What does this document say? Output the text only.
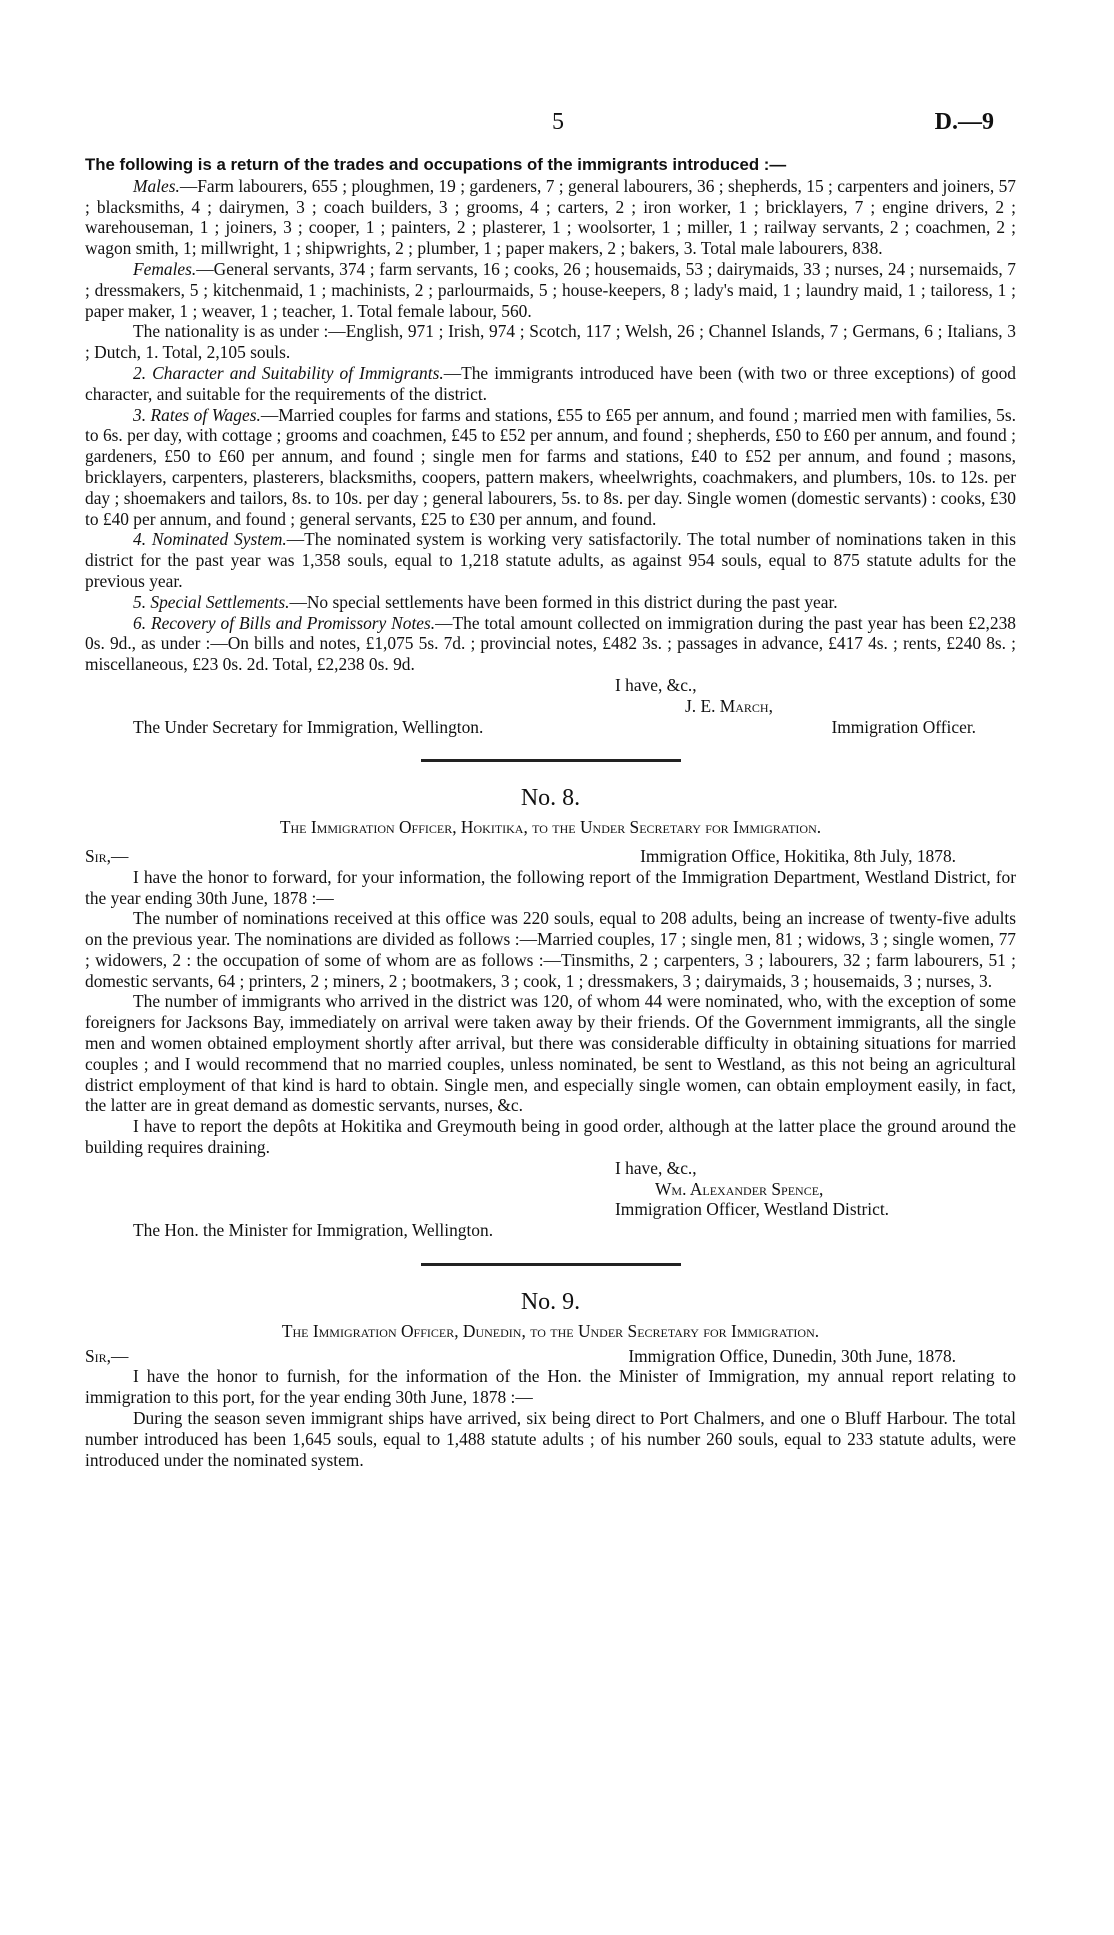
5	D.—9

The following is a return of the trades and occupations of the immigrants introduced :—

Males.—Farm labourers, 655 ; ploughmen, 19 ; gardeners, 7 ; general labourers, 36 ; shepherds, 15 ; carpenters and joiners, 57 ; blacksmiths, 4 ; dairymen, 3 ; coach builders, 3 ; grooms, 4 ; carters, 2 ; iron worker, 1 ; bricklayers, 7 ; engine drivers, 2 ; warehouseman, 1 ; joiners, 3 ; cooper, 1 ; painters, 2 ; plasterer, 1 ; woolsorter, 1 ; miller, 1 ; railway servants, 2 ; coachmen, 2 ; wagon smith, 1; millwright, 1 ; shipwrights, 2 ; plumber, 1 ; paper makers, 2 ; bakers, 3. Total male labourers, 838.

Females.—General servants, 374 ; farm servants, 16 ; cooks, 26 ; housemaids, 53 ; dairymaids, 33 ; nurses, 24 ; nursemaids, 7 ; dressmakers, 5 ; kitchenmaid, 1 ; machinists, 2 ; parlourmaids, 5 ; house-keepers, 8 ; lady's maid, 1 ; laundry maid, 1 ; tailoress, 1 ; paper maker, 1 ; weaver, 1 ; teacher, 1. Total female labour, 560.

The nationality is as under :—English, 971 ; Irish, 974 ; Scotch, 117 ; Welsh, 26 ; Channel Islands, 7 ; Germans, 6 ; Italians, 3 ; Dutch, 1. Total, 2,105 souls.

2. Character and Suitability of Immigrants.—The immigrants introduced have been (with two or three exceptions) of good character, and suitable for the requirements of the district.

3. Rates of Wages.—Married couples for farms and stations, £55 to £65 per annum, and found ; married men with families, 5s. to 6s. per day, with cottage ; grooms and coachmen, £45 to £52 per annum, and found ; shepherds, £50 to £60 per annum, and found ; gardeners, £50 to £60 per annum, and found ; single men for farms and stations, £40 to £52 per annum, and found ; masons, bricklayers, carpenters, plasterers, blacksmiths, coopers, pattern makers, wheelwrights, coachmakers, and plumbers, 10s. to 12s. per day ; shoemakers and tailors, 8s. to 10s. per day ; general labourers, 5s. to 8s. per day. Single women (domestic servants) : cooks, £30 to £40 per annum, and found ; general servants, £25 to £30 per annum, and found.

4. Nominated System.—The nominated system is working very satisfactorily. The total number of nominations taken in this district for the past year was 1,358 souls, equal to 1,218 statute adults, as against 954 souls, equal to 875 statute adults for the previous year.

5. Special Settlements.—No special settlements have been formed in this district during the past year.

6. Recovery of Bills and Promissory Notes.—The total amount collected on immigration during the past year has been £2,238 0s. 9d., as under :—On bills and notes, £1,075 5s. 7d. ; provincial notes, £482 3s. ; passages in advance, £417 4s. ; rents, £240 8s. ; miscellaneous, £23 0s. 2d. Total, £2,238 0s. 9d.

I have, &c.,

J. E. March,

The Under Secretary for Immigration, Wellington.	Immigration Officer.

No. 8.

The Immigration Officer, Hokitika, to the Under Secretary for Immigration.

Sir,—	Immigration Office, Hokitika, 8th July, 1878.

I have the honor to forward, for your information, the following report of the Immigration Department, Westland District, for the year ending 30th June, 1878 :—

The number of nominations received at this office was 220 souls, equal to 208 adults, being an increase of twenty-five adults on the previous year. The nominations are divided as follows :—Married couples, 17 ; single men, 81 ; widows, 3 ; single women, 77 ; widowers, 2 : the occupation of some of whom are as follows :—Tinsmiths, 2 ; carpenters, 3 ; labourers, 32 ; farm labourers, 51 ; domestic servants, 64 ; printers, 2 ; miners, 2 ; bootmakers, 3 ; cook, 1 ; dressmakers, 3 ; dairymaids, 3 ; housemaids, 3 ; nurses, 3.

The number of immigrants who arrived in the district was 120, of whom 44 were nominated, who, with the exception of some foreigners for Jacksons Bay, immediately on arrival were taken away by their friends. Of the Government immigrants, all the single men and women obtained employment shortly after arrival, but there was considerable difficulty in obtaining situations for married couples ; and I would recommend that no married couples, unless nominated, be sent to Westland, as this not being an agricultural district employment of that kind is hard to obtain. Single men, and especially single women, can obtain employment easily, in fact, the latter are in great demand as domestic servants, nurses, &c.

I have to report the depôts at Hokitika and Greymouth being in good order, although at the latter place the ground around the building requires draining.

I have, &c.,

Wm. Alexander Spence,

Immigration Officer, Westland District.

The Hon. the Minister for Immigration, Wellington.

No. 9.

The Immigration Officer, Dunedin, to the Under Secretary for Immigration.

Sir,—	Immigration Office, Dunedin, 30th June, 1878.

I have the honor to furnish, for the information of the Hon. the Minister of Immigration, my annual report relating to immigration to this port, for the year ending 30th June, 1878 :—

During the season seven immigrant ships have arrived, six being direct to Port Chalmers, and one o Bluff Harbour. The total number introduced has been 1,645 souls, equal to 1,488 statute adults ; of his number 260 souls, equal to 233 statute adults, were introduced under the nominated system.
